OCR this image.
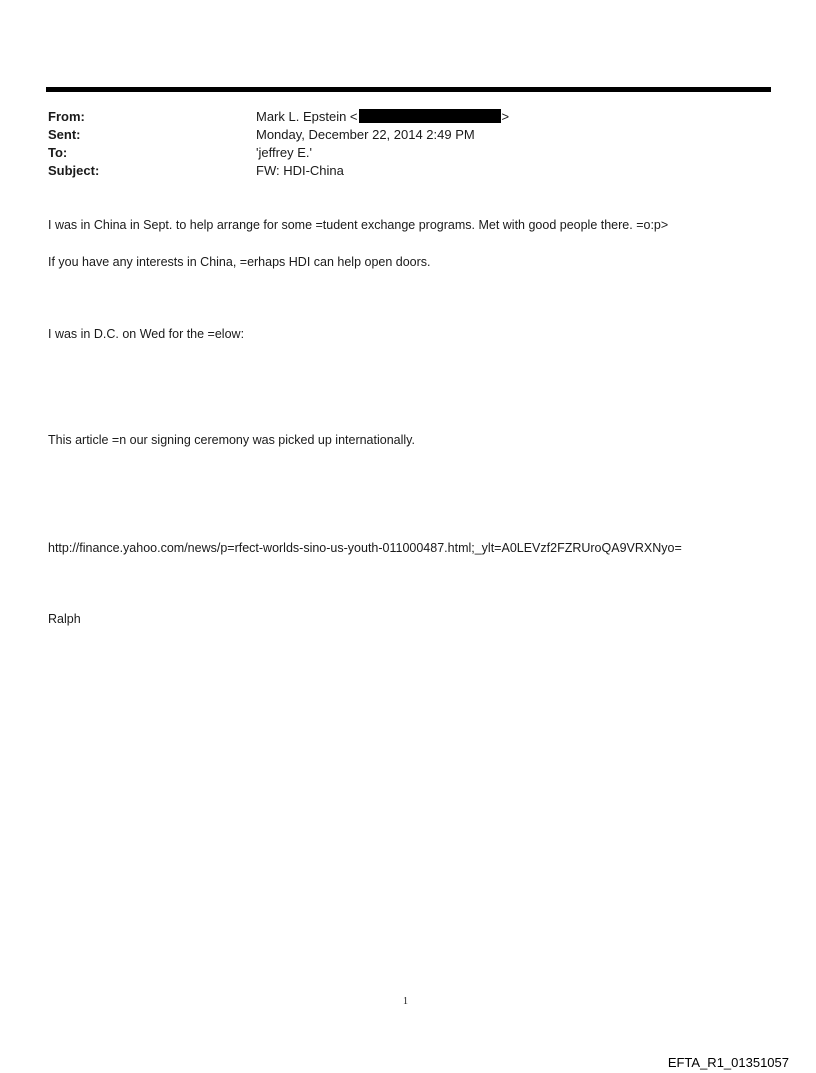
From:	Mark L. Epstein <	>
Sent:	Monday, December 22, 2014 2:49 PM
To:	'jeffrey E.'
Subject:	FW: HDI-China
I was in China in Sept. to help arrange for some =tudent exchange programs. Met with good people there. =o:p>
If you have any interests in China, =erhaps HDI can help open doors.
I was in D.C. on Wed for the =elow:
This article =n our signing ceremony was picked up internationally.
http://finance.yahoo.com/news/p=rfect-worlds-sino-us-youth-011000487.html;_ylt=A0LEVzf2FZRUroQA9VRXNyo=
Ralph
1
EFTA_R1_01351057
